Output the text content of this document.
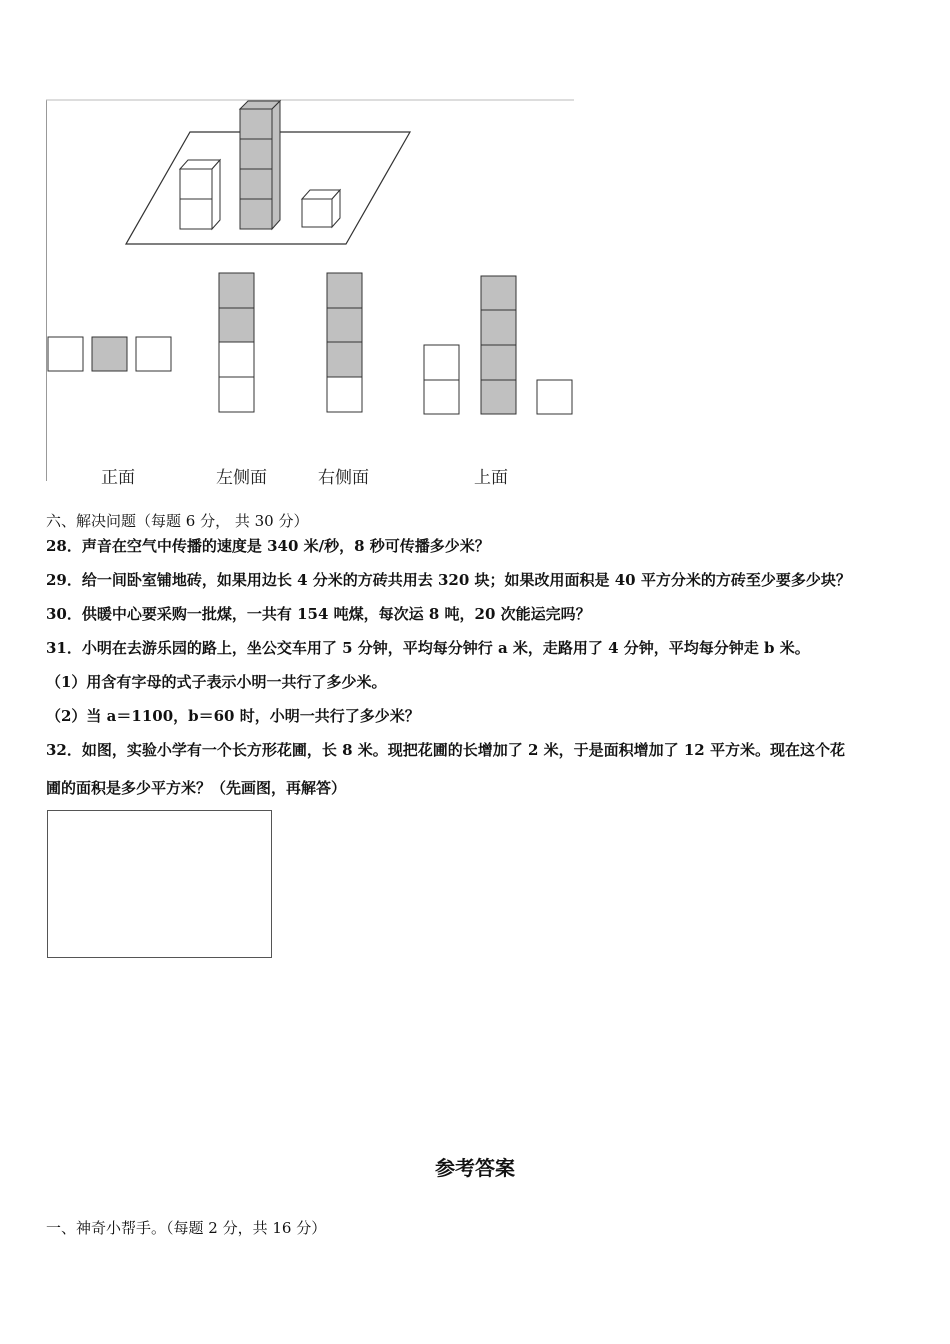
正面	左侧面	右侧面	上面
六、解决问题（每题 6 分， 共 30 分）
28．声音在空气中传播的速度是 340 米/秒，8 秒可传播多少米？
29．给一间卧室铺地砖，如果用边长 4 分米的方砖共用去 320 块；如果改用面积是 40 平方分米的方砖至少要多少块？
30．供暖中心要采购一批煤，一共有 154 吨煤，每次运 8 吨，20 次能运完吗？
31．小明在去游乐园的路上，坐公交车用了 5 分钟，平均每分钟行 a 米，走路用了 4 分钟，平均每分钟走 b 米。
（1）用含有字母的式子表示小明一共行了多少米。
（2）当 a＝1100，b＝60 时，小明一共行了多少米？
32．如图，实验小学有一个长方形花圃，长 8 米。现把花圃的长增加了 2 米，于是面积增加了 12 平方米。现在这个花
圃的面积是多少平方米？（先画图，再解答）
参考答案
一、神奇小帮手。（每题 2 分，共 16 分）
